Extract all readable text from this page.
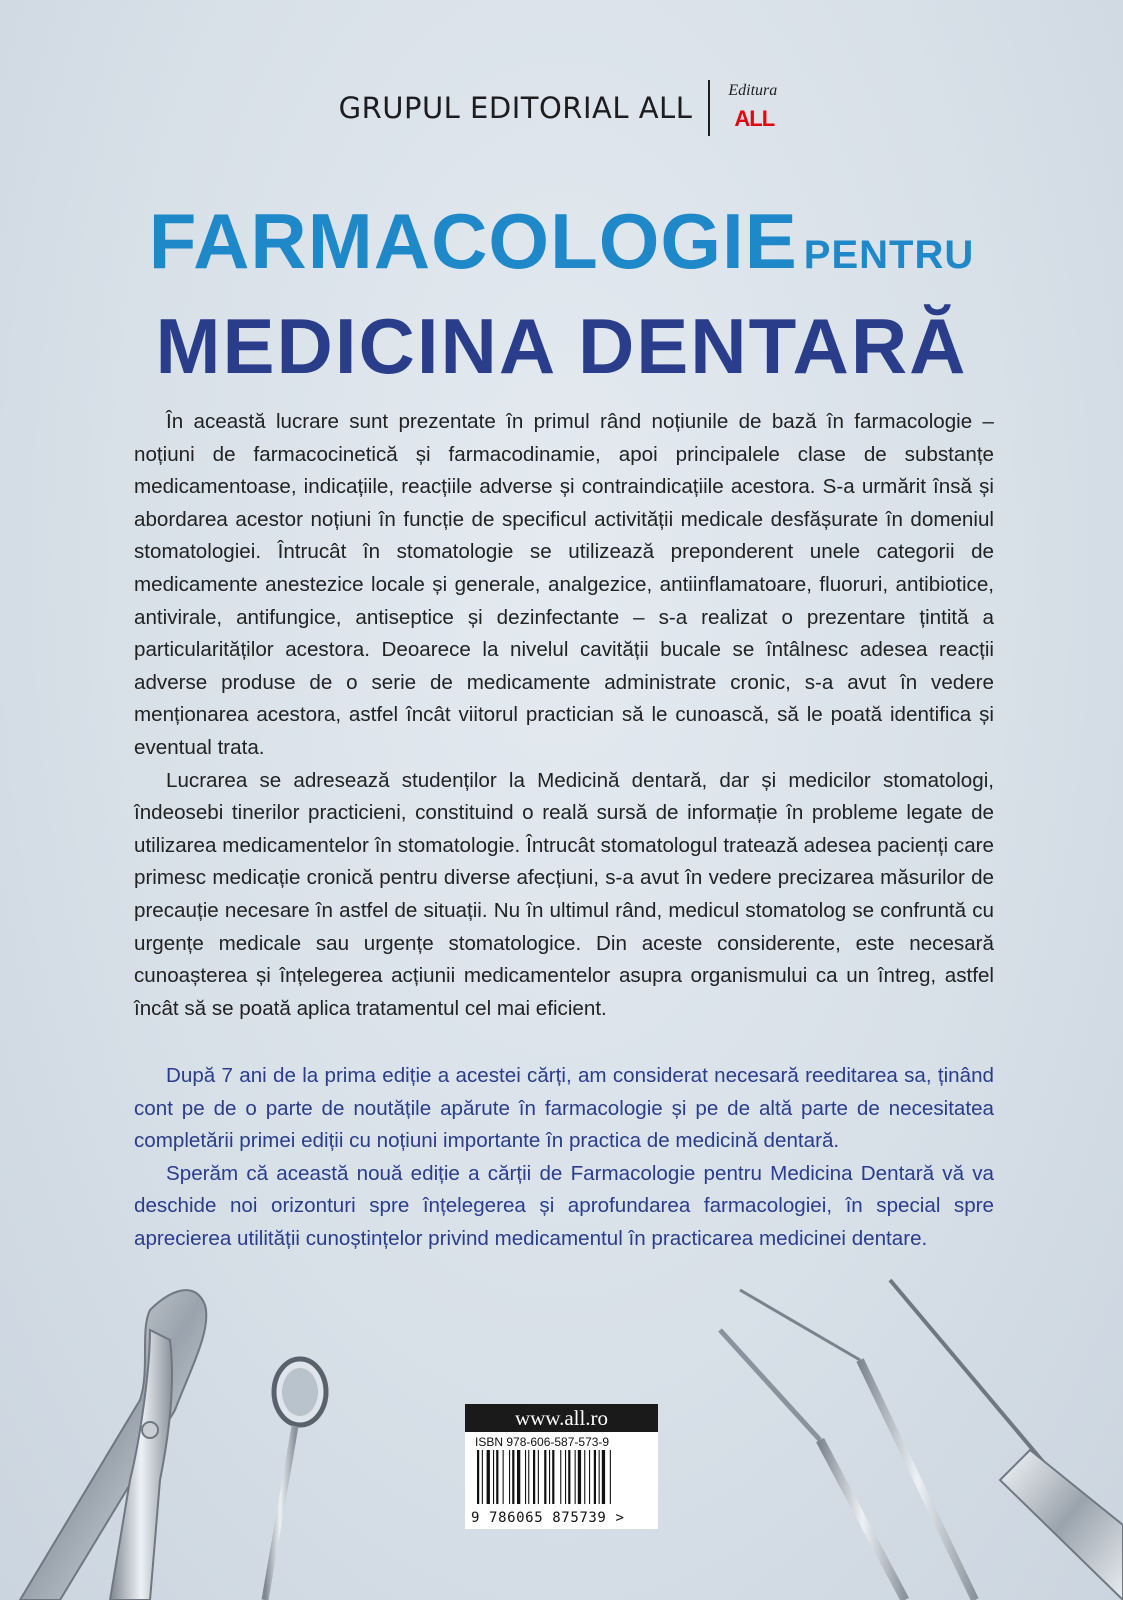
GRUPUL EDITORIAL ALL
Editura
ALL
FARMACOLOGIE PENTRU
MEDICINA DENTARĂ

În această lucrare sunt prezentate în primul rând noțiunile de bază în farmacologie – noțiuni de farmacocinetică și farmacodinamie, apoi principalele clase de substanțe medicamentoase, indicațiile, reacțiile adverse și contraindicațiile acestora. S-a urmărit însă și abordarea acestor noțiuni în funcție de specificul activității medicale desfășurate în domeniul stomatologiei. Întrucât în stomatologie se utilizează preponderent unele categorii de medicamente anestezice locale și generale, analgezice, antiinflamatoare, fluoruri, antibiotice, antivirale, antifungice, antiseptice și dezinfectante – s-a realizat o prezentare țintită a particularităților acestora. Deoarece la nivelul cavității bucale se întâlnesc adesea reacții adverse produse de o serie de medicamente administrate cronic, s-a avut în vedere menționarea acestora, astfel încât viitorul practician să le cunoască, să le poată identifica și eventual trata.

Lucrarea se adresează studenților la Medicină dentară, dar și medicilor stomatologi, îndeosebi tinerilor practicieni, constituind o reală sursă de informație în probleme legate de utilizarea medicamentelor în stomatologie. Întrucât stomatologul tratează adesea pacienți care primesc medicație cronică pentru diverse afecțiuni, s-a avut în vedere precizarea măsurilor de precauție necesare în astfel de situații. Nu în ultimul rând, medicul stomatolog se confruntă cu urgențe medicale sau urgențe stomatologice. Din aceste considerente, este necesară cunoașterea și înțelegerea acțiunii medicamentelor asupra organismului ca un întreg, astfel încât să se poată aplica tratamentul cel mai eficient.

După 7 ani de la prima ediție a acestei cărți, am considerat necesară reeditarea sa, ținând cont pe de o parte de noutățile apărute în farmacologie și pe de altă parte de necesitatea completării primei ediții cu noțiuni importante în practica de medicină dentară.

Sperăm că această nouă ediție a cărții de Farmacologie pentru Medicina Dentară vă va deschide noi orizonturi spre înțelegerea și aprofundarea farmacologiei, în special spre aprecierea utilității cunoștințelor privind medicamentul în practicarea medicinei dentare.

www.all.ro
ISBN 978-606-587-573-9
9 786065 875739 >
